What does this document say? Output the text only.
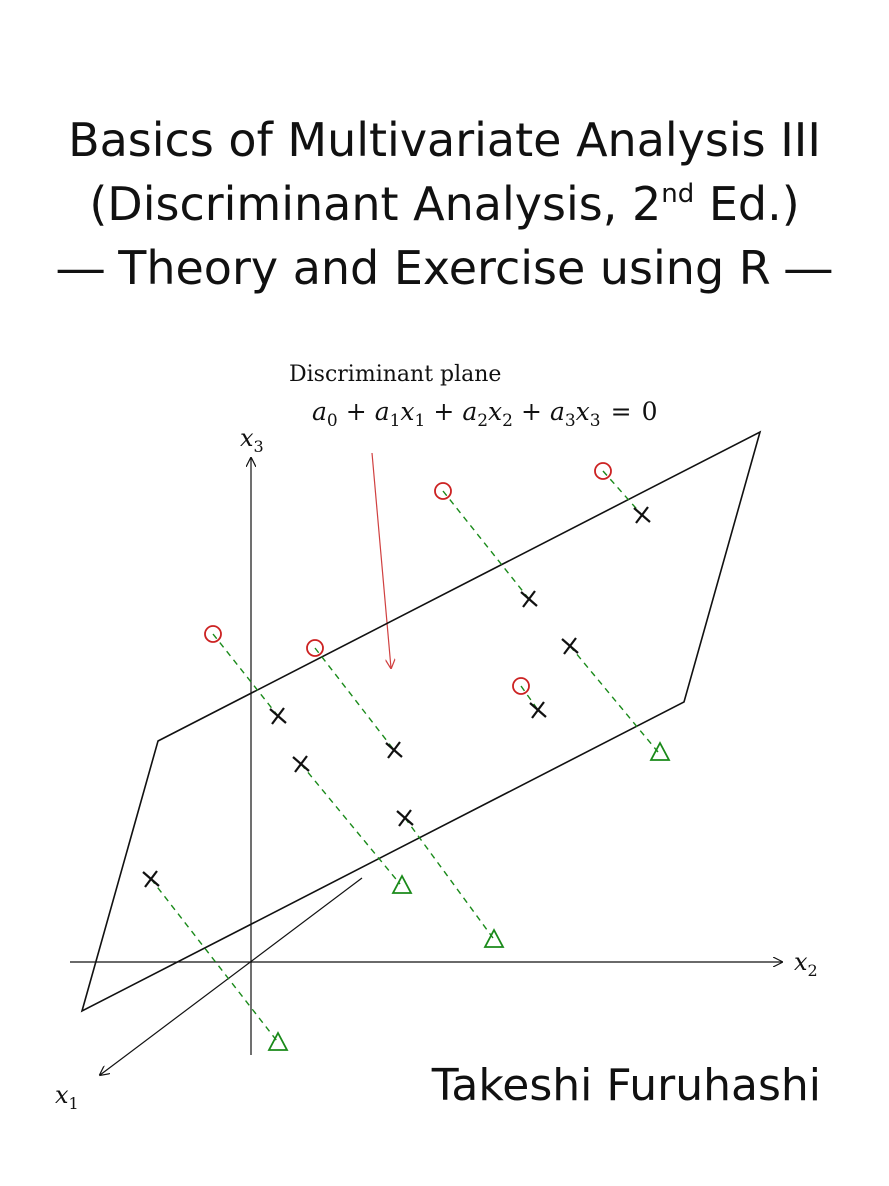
Basics of Multivariate Analysis III
(Discriminant Analysis, 2nd Ed.)
― Theory and Exercise using R ―
Discriminant plane
$a_0 + a_1x_1 + a_2x_2 + a_3x_3 = 0$
$x_3$
$x_2$
$x_1$	Takeshi Furuhashi
